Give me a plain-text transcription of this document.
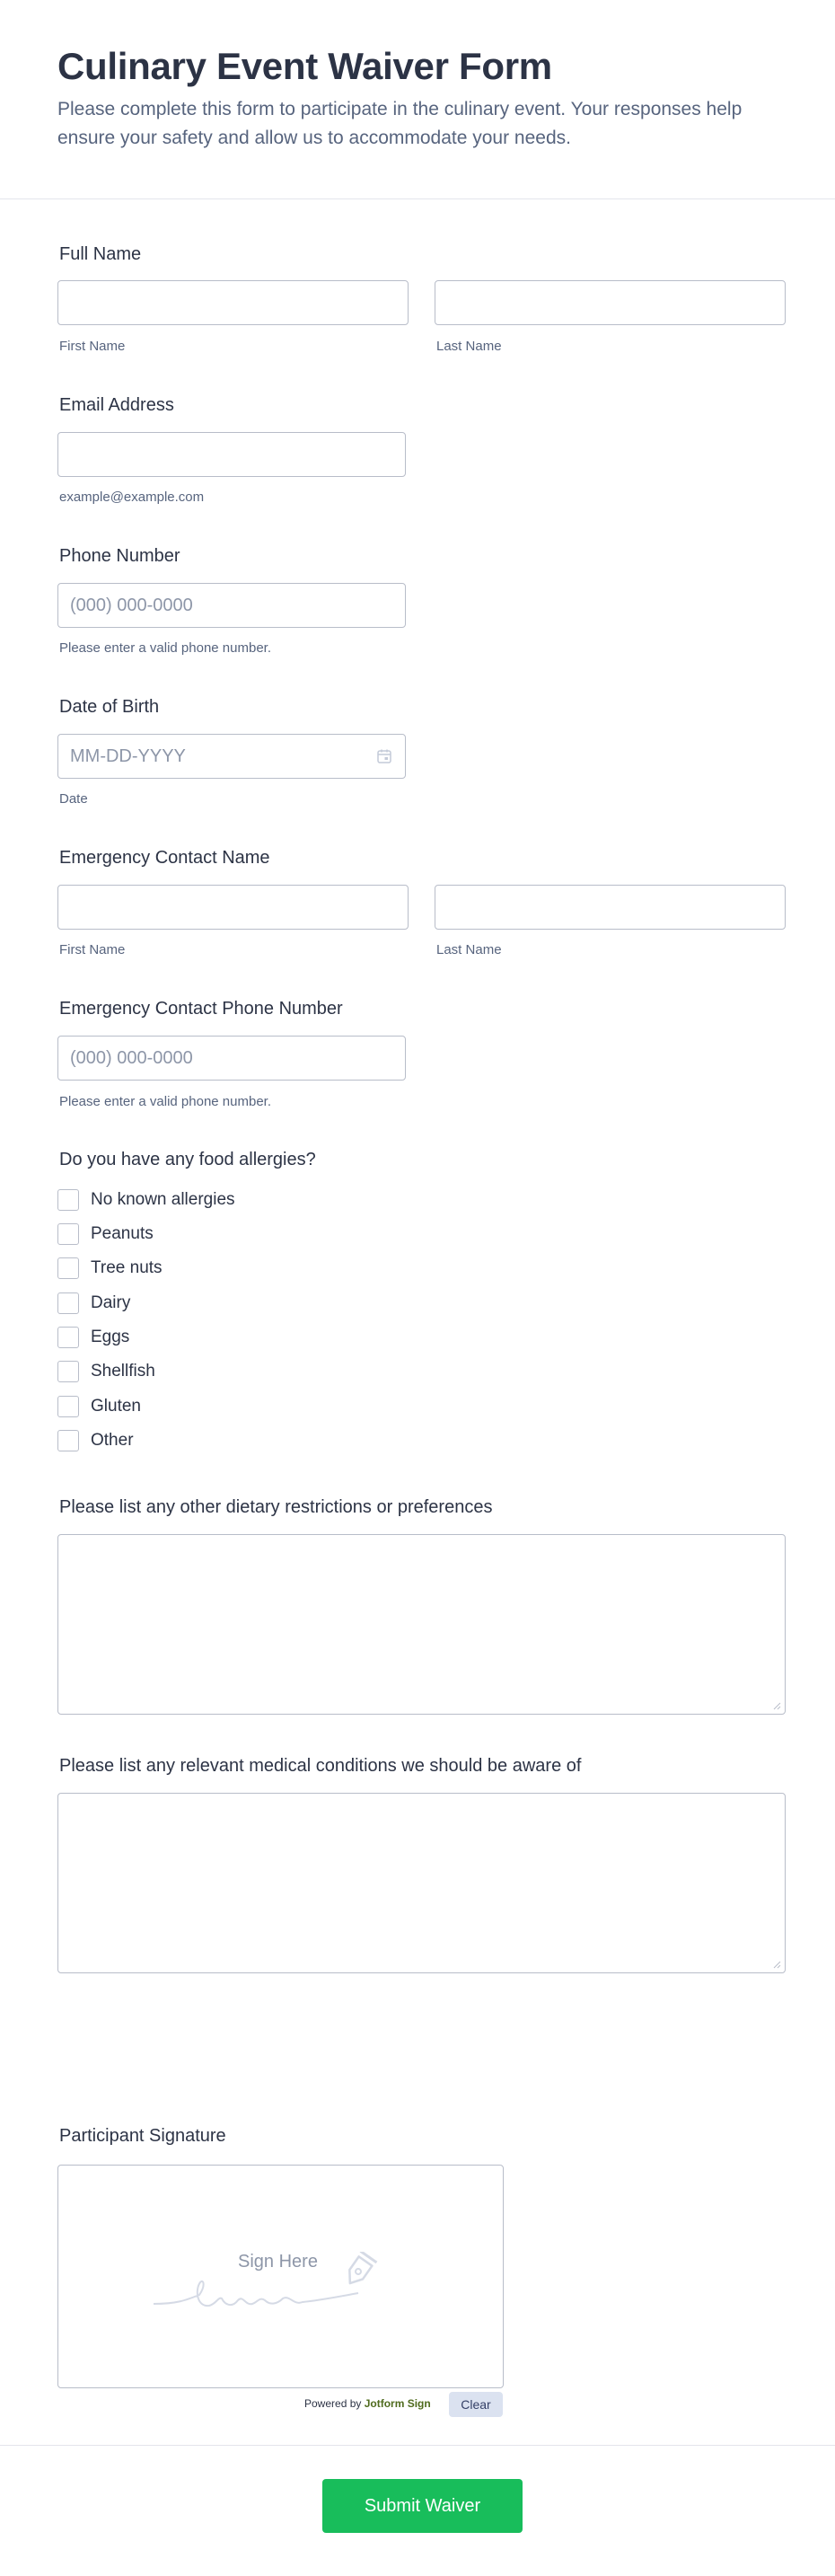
Culinary Event Waiver Form

Please complete this form to participate in the culinary event. Your responses help ensure your safety and allow us to accommodate your needs.

Full Name
First Name	Last Name
Email Address
example@example.com
Phone Number
(000) 000-0000
Please enter a valid phone number.
Date of Birth
MM-DD-YYYY
Date
Emergency Contact Name
First Name	Last Name
Emergency Contact Phone Number
(000) 000-0000
Please enter a valid phone number.
Do you have any food allergies?
No known allergies
Peanuts
Tree nuts
Dairy
Eggs
Shellfish
Gluten
Other
Please list any other dietary restrictions or preferences
Please list any relevant medical conditions we should be aware of
Participant Signature
Sign Here
Powered by Jotform Sign	Clear
Submit Waiver
